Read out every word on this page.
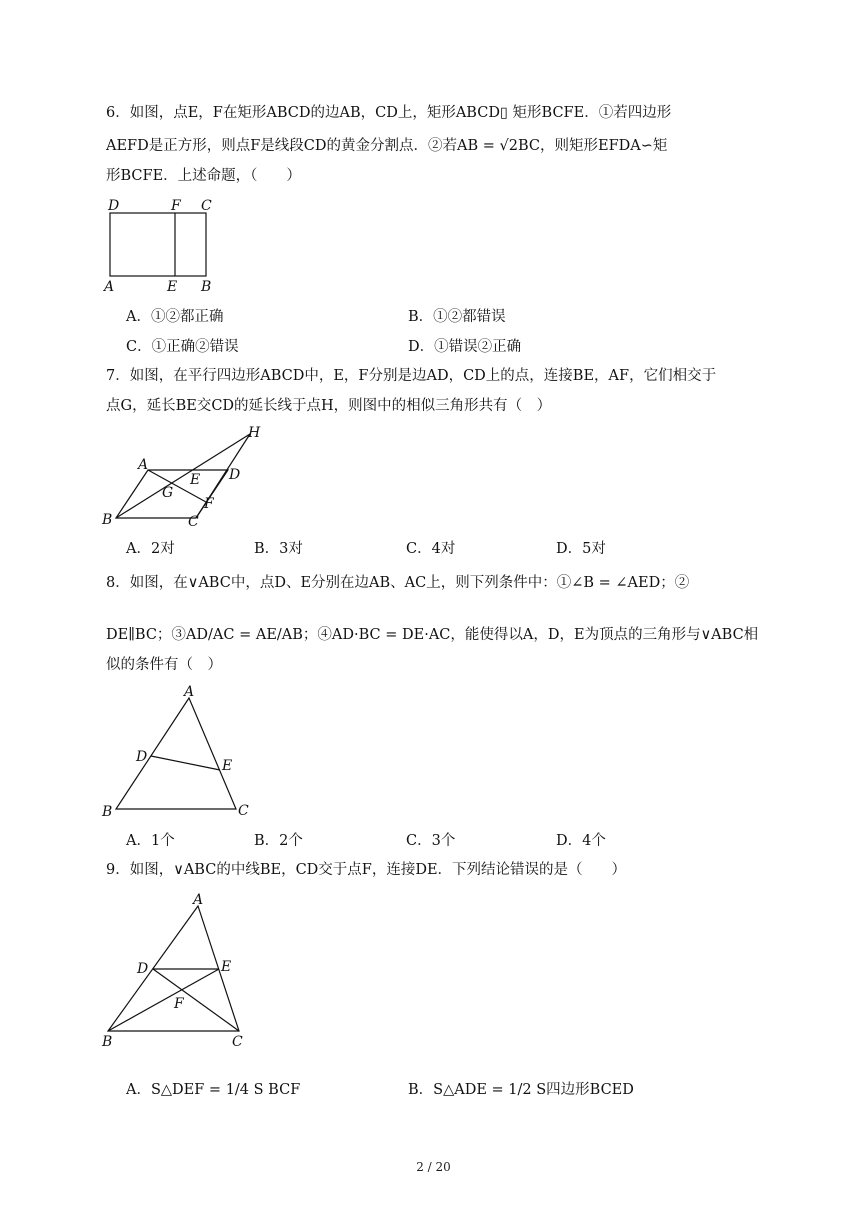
6．如图，点E，F在矩形ABCD的边AB，CD上，矩形ABCD▯ 矩形BCFE．①若四边形
AEFD是正方形，则点F是线段CD的黄金分割点．②若AB = √2BC，则矩形EFDA∽矩
形BCFE．上述命题，（　　）
D	F C
A	E B
A．①②都正确	B．①②都错误
C．①正确②错误	D．①错误②正确
7．如图，在平行四边形ABCD中，E，F分别是边AD，CD上的点，连接BE，AF，它们相交于
点G，延长BE交CD的延长线于点H，则图中的相似三角形共有（　）
H
A
E D
G
F
B	C
A．2对	B．3对	C．4对	D．5对
8．如图，在∨ABC中，点D、E分别在边AB、AC上，则下列条件中：①∠B = ∠AED；②
DE∥BC；③AD/AC = AE/AB；④AD·BC = DE·AC，能使得以A，D，E为顶点的三角形与∨ABC相
似的条件有（　）
A
D
E
B	C
A．1个	B．2个	C．3个	D．4个
9．如图，∨ABC的中线BE，CD交于点F，连接DE．下列结论错误的是（　　）
A
D	E
F
B	C
A．S△DEF = 1/4 S BCF	B．S△ADE = 1/2 S四边形BCED
2 / 20
